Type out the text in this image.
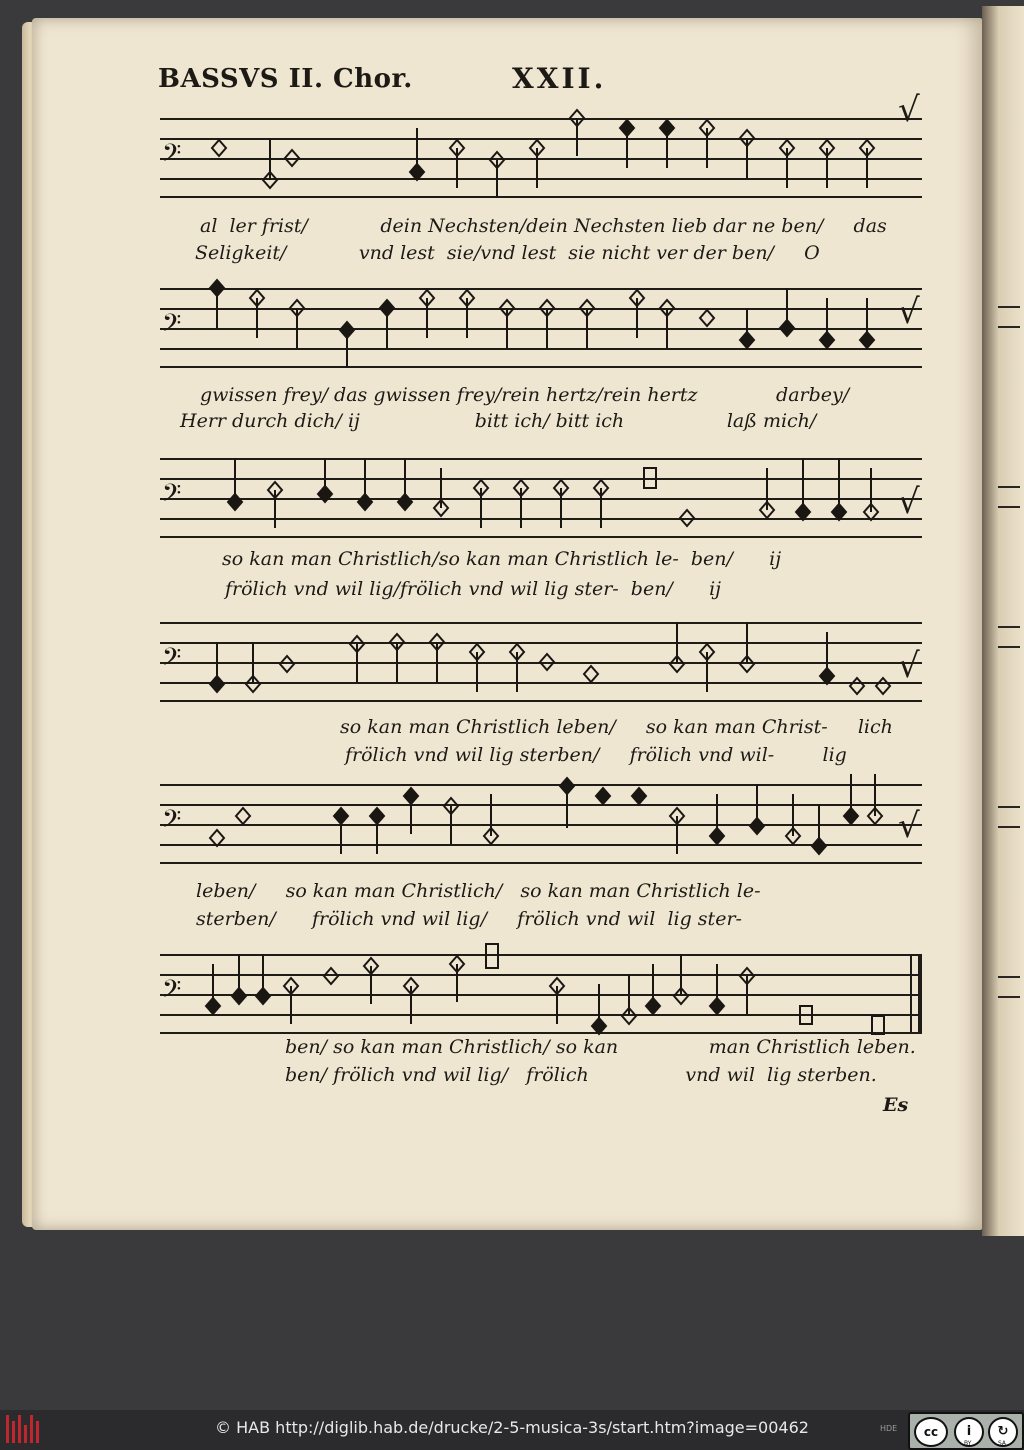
BASSVS II. Chor.	XXII.
𝄢
√
al  ler frist/            dein Nechsten/dein Nechsten lieb dar ne ben/     das
Seligkeit/            vnd lest  sie/vnd lest  sie nicht ver der ben/     O
𝄢	√
gwissen frey/ das gwissen frey/rein hertz/rein hertz             darbey/
Herr durch dich/ ij                   bitt ich/ bitt ich                 laß mich/
𝄢	√
so kan man Christlich/so kan man Christlich le-  ben/      ij
frölich vnd wil lig/frölich vnd wil lig ster-  ben/      ij
𝄢	√
so kan man Christlich leben/     so kan man Christ-     lich
frölich vnd wil lig sterben/     frölich vnd wil-        lig
𝄢	√
leben/     so kan man Christlich/   so kan man Christlich le-
sterben/      frölich vnd wil lig/     frölich vnd wil  lig ster-
𝄢
ben/ so kan man Christlich/ so kan               man Christlich leben.
ben/ frölich vnd wil lig/   frölich                vnd wil  lig sterben.
Es
© HAB http://diglib.hab.de/drucke/2-5-musica-3s/start.htm?image=00462	HDE	cc	i	↻
BY	SA
